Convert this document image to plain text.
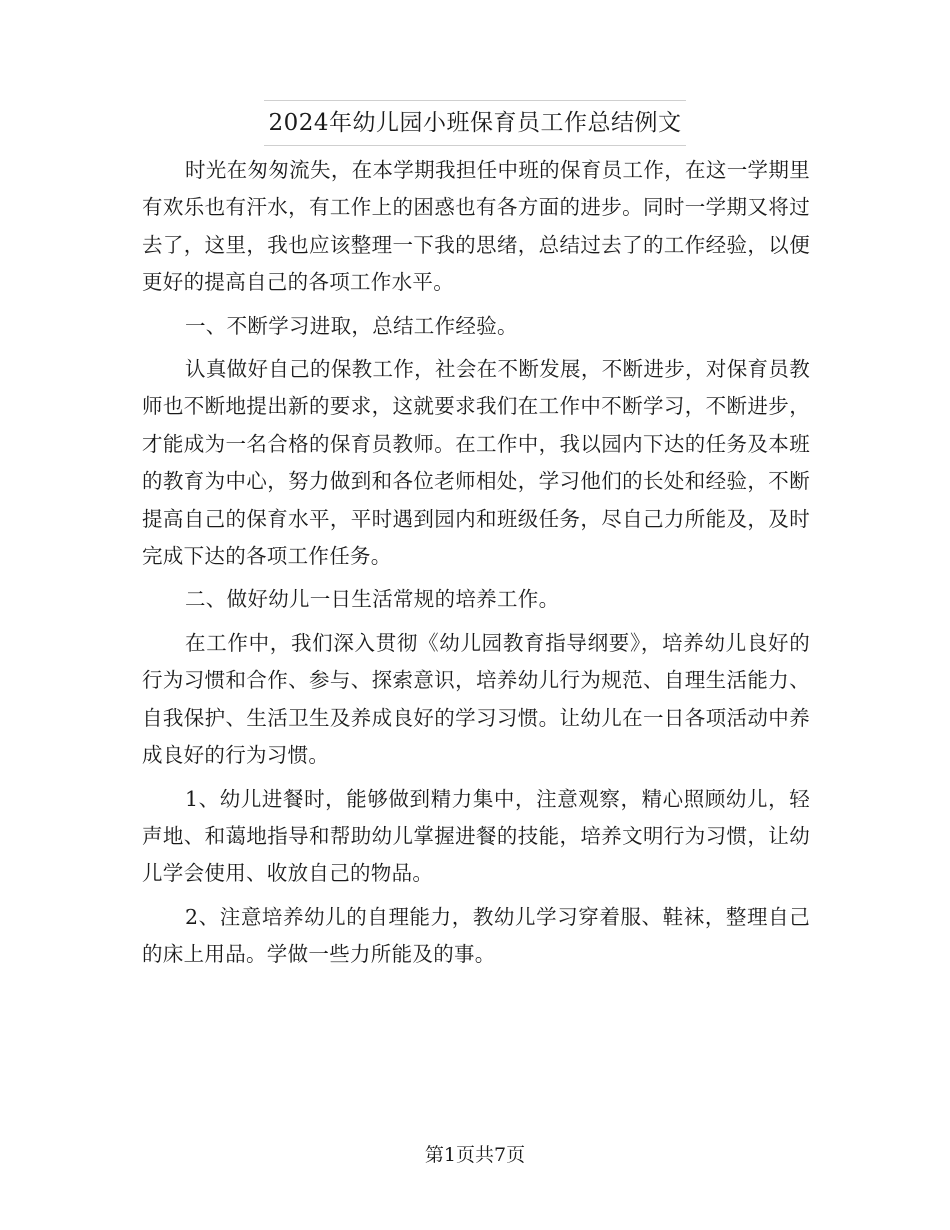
2024年幼儿园小班保育员工作总结例文

时光在匆匆流失，在本学期我担任中班的保育员工作，在这一学期里有欢乐也有汗水，有工作上的困惑也有各方面的进步。同时一学期又将过去了，这里，我也应该整理一下我的思绪，总结过去了的工作经验，以便更好的提高自己的各项工作水平。

一、不断学习进取，总结工作经验。

认真做好自己的保教工作，社会在不断发展，不断进步，对保育员教师也不断地提出新的要求，这就要求我们在工作中不断学习，不断进步，才能成为一名合格的保育员教师。在工作中，我以园内下达的任务及本班的教育为中心，努力做到和各位老师相处，学习他们的长处和经验，不断提高自己的保育水平，平时遇到园内和班级任务，尽自己力所能及，及时完成下达的各项工作任务。

二、做好幼儿一日生活常规的培养工作。

在工作中，我们深入贯彻《幼儿园教育指导纲要》，培养幼儿良好的行为习惯和合作、参与、探索意识，培养幼儿行为规范、自理生活能力、自我保护、生活卫生及养成良好的学习习惯。让幼儿在一日各项活动中养成良好的行为习惯。

1、幼儿进餐时，能够做到精力集中，注意观察，精心照顾幼儿，轻声地、和蔼地指导和帮助幼儿掌握进餐的技能，培养文明行为习惯，让幼儿学会使用、收放自己的物品。

2、注意培养幼儿的自理能力，教幼儿学习穿着服、鞋袜，整理自己的床上用品。学做一些力所能及的事。

第1页共7页
